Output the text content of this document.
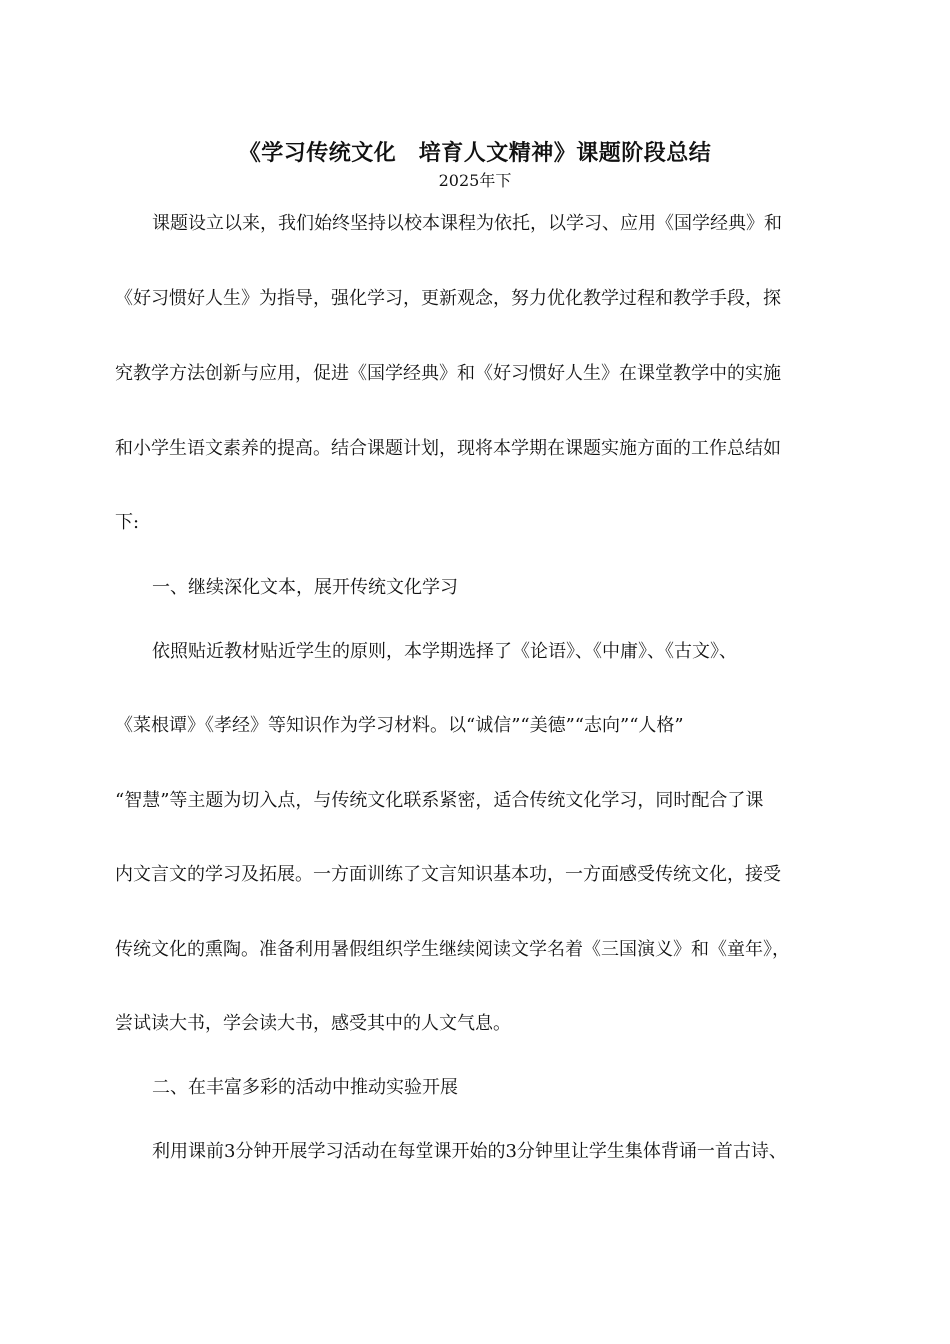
《学习传统文化　培育人文精神》课题阶段总结
2025年下
课题设立以来，我们始终坚持以校本课程为依托，以学习、应用《国学经典》和
《好习惯好人生》为指导，强化学习，更新观念，努力优化教学过程和教学手段，探
究教学方法创新与应用，促进《国学经典》和《好习惯好人生》在课堂教学中的实施
和小学生语文素养的提高。结合课题计划，现将本学期在课题实施方面的工作总结如
下:
一、继续深化文本，展开传统文化学习
依照贴近教材贴近学生的原则，本学期选择了《论语》、《中庸》、《古文》、
《菜根谭》《孝经》等知识作为学习材料。以“诚信”“美德”“志向”“人格”
“智慧”等主题为切入点，与传统文化联系紧密，适合传统文化学习，同时配合了课
内文言文的学习及拓展。一方面训练了文言知识基本功，一方面感受传统文化，接受
传统文化的熏陶。准备利用暑假组织学生继续阅读文学名着《三国演义》和《童年》，
尝试读大书，学会读大书，感受其中的人文气息。
二、在丰富多彩的活动中推动实验开展
利用课前3分钟开展学习活动在每堂课开始的3分钟里让学生集体背诵一首古诗、
